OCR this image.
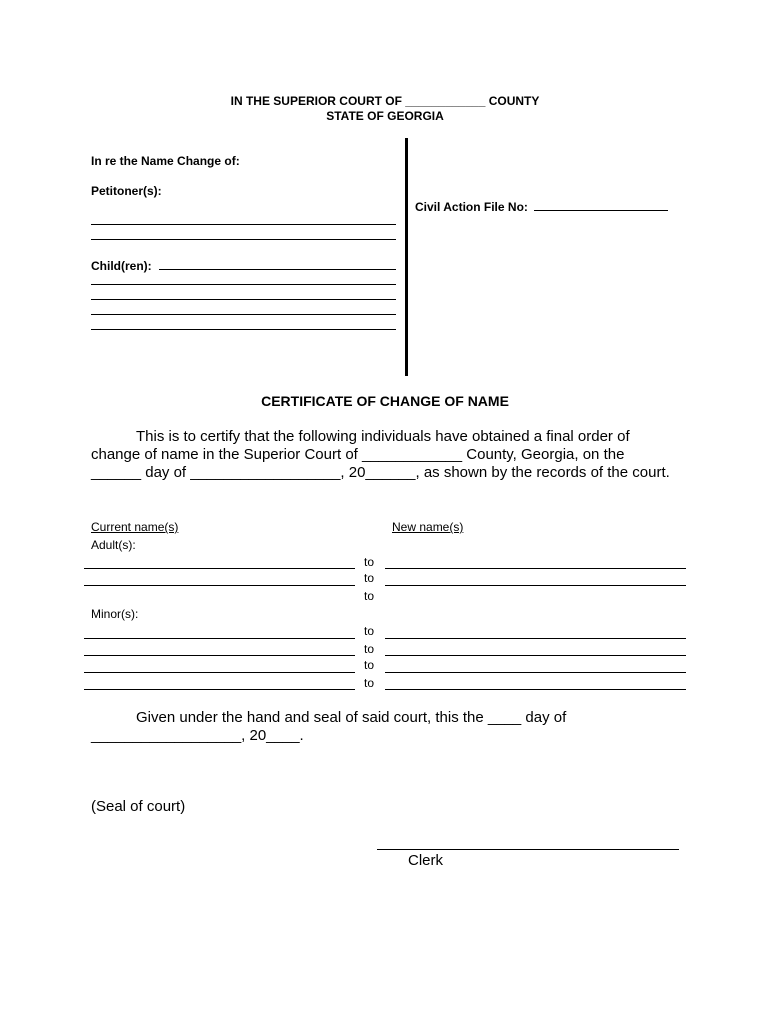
IN THE SUPERIOR COURT OF ____________ COUNTY
STATE OF GEORGIA
In re the Name Change of:
Petitoner(s):
Child(ren):
Civil Action File No:
CERTIFICATE OF CHANGE OF NAME
This is to certify that the following individuals have obtained a final order of
change of name in the Superior Court of ____________ County, Georgia, on the
______ day of __________________, 20______, as shown by the records of the court.
Current name(s)	New name(s)
Adult(s):
to
to
to
Minor(s):
to
to
to
to
Given under the hand and seal of said court, this the ____ day of
__________________, 20____.
(Seal of court)
Clerk
